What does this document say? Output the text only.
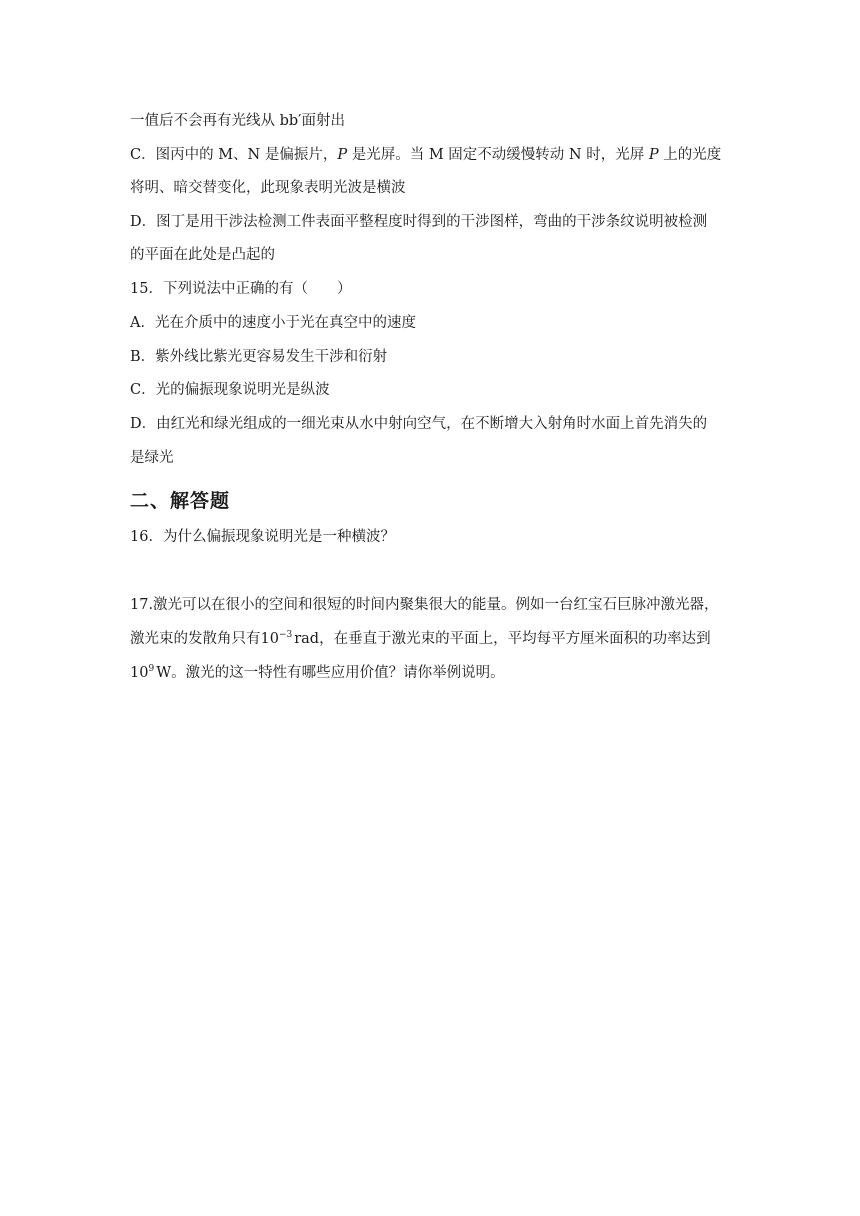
一值后不会再有光线从 bb′面射出
C．图丙中的 M、N 是偏振片，P 是光屏。当 M 固定不动缓慢转动 N 时，光屏 P 上的光度
将明、暗交替变化，此现象表明光波是横波
D．图丁是用干涉法检测工件表面平整程度时得到的干涉图样，弯曲的干涉条纹说明被检测
的平面在此处是凸起的
15．下列说法中正确的有（　　）
A．光在介质中的速度小于光在真空中的速度
B．紫外线比紫光更容易发生干涉和衍射
C．光的偏振现象说明光是纵波
D．由红光和绿光组成的一细光束从水中射向空气，在不断增大入射角时水面上首先消失的
是绿光
二、解答题
16．为什么偏振现象说明光是一种横波？
17.激光可以在很小的空间和很短的时间内聚集很大的能量。例如一台红宝石巨脉冲激光器，
激光束的发散角只有$10^{-3}$ rad，在垂直于激光束的平面上，平均每平方厘米面积的功率达到
$10^9$ W。激光的这一特性有哪些应用价值？请你举例说明。
